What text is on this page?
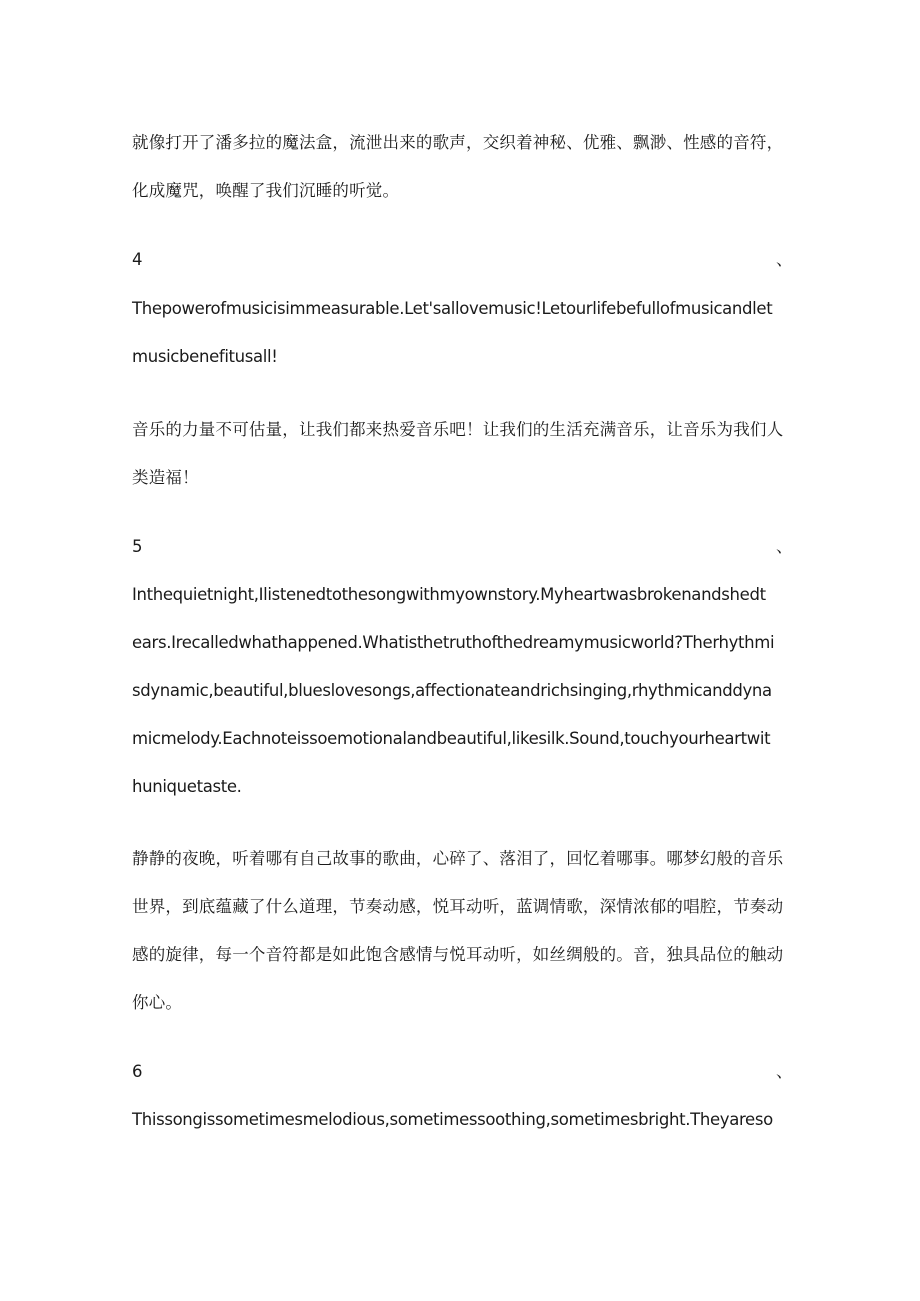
就像打开了潘多拉的魔法盒，流泄出来的歌声，交织着神秘、优雅、飘渺、性感的音符，
化成魔咒，唤醒了我们沉睡的听觉。
4	、
Thepowerofmusicisimmeasurable.Let'sallovemusic!Letourlifebefullofmusicandlet
musicbenefitusall!
音乐的力量不可估量，让我们都来热爱音乐吧！让我们的生活充满音乐，让音乐为我们人
类造福！
5	、
Inthequietnight,Ilistenedtothesongwithmyownstory.Myheartwasbrokenandshedt
ears.Irecalledwhathappened.Whatisthetruthofthedreamymusicworld?Therhythmi
sdynamic,beautiful,blueslovesongs,affectionateandrichsinging,rhythmicanddyna
micmelody.Eachnoteissoemotionalandbeautiful,likesilk.Sound,touchyourheartwit
huniquetaste.
静静的夜晚，听着哪有自己故事的歌曲，心碎了、落泪了，回忆着哪事。哪梦幻般的音乐
世界，到底蕴藏了什么道理，节奏动感，悦耳动听，蓝调情歌，深情浓郁的唱腔，节奏动
感的旋律，每一个音符都是如此饱含感情与悦耳动听，如丝绸般的。音，独具品位的触动
你心。
6	、
Thissongissometimesmelodious,sometimessoothing,sometimesbright.Theyareso
